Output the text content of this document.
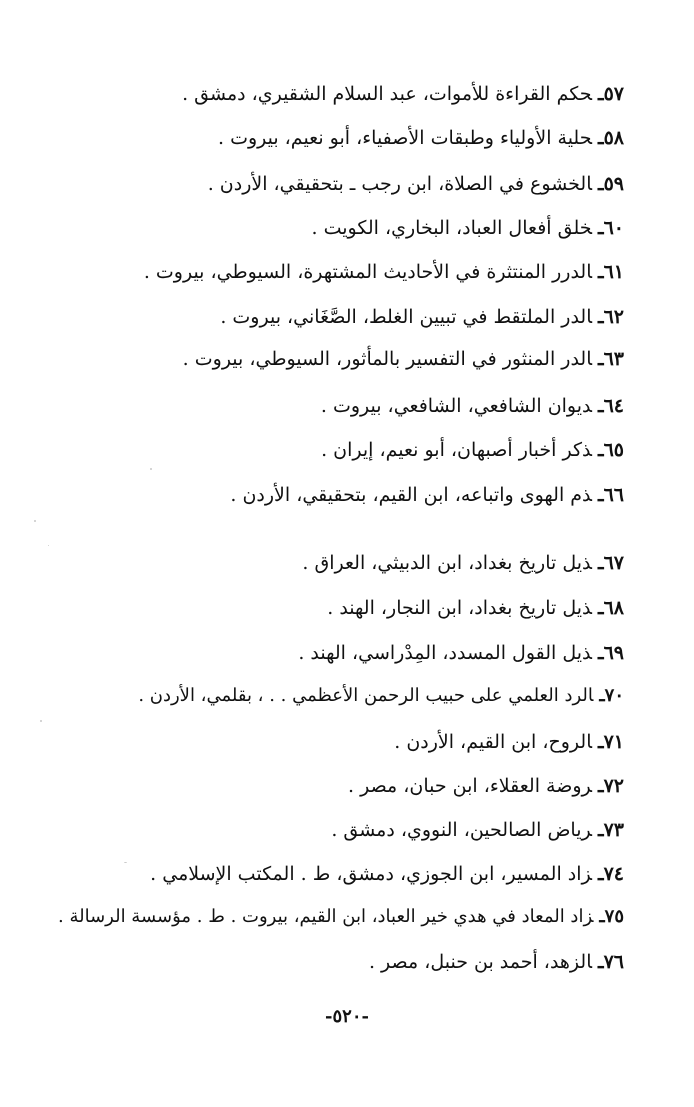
٥٧ـحكم القراءة للأموات، عبد السلام الشقيري، دمشق .
٥٨ـحلية الأولياء وطبقات الأصفياء، أبو نعيم، بيروت .
٥٩ـالخشوع في الصلاة، ابن رجب ـ بتحقيقي، الأردن .
٦٠ـخلق أفعال العباد، البخاري، الكويت .
٦١ـالدرر المنتثرة في الأحاديث المشتهرة، السيوطي، بيروت .
٦٢ـالدر الملتقط في تبيين الغلط، الصَّغَاني، بيروت .
٦٣ـالدر المنثور في التفسير بالمأثور، السيوطي، بيروت .
٦٤ـديوان الشافعي، الشافعي، بيروت .
٦٥ـذكر أخبار أصبهان، أبو نعيم، إيران .
٦٦ـذم الهوى واتباعه، ابن القيم، بتحقيقي، الأردن .
٦٧ـذيل تاريخ بغداد، ابن الدبيثي، العراق .
٦٨ـذيل تاريخ بغداد، ابن النجار، الهند .
٦٩ـذيل القول المسدد، المِدْراسي، الهند .
٧٠ـالرد العلمي على حبيب الرحمن الأعظمي . . ، بقلمي، الأردن .
٧١ـالروح، ابن القيم، الأردن .
٧٢ـروضة العقلاء، ابن حبان، مصر .
٧٣ـرياض الصالحين، النووي، دمشق .
٧٤ـزاد المسير، ابن الجوزي، دمشق، ط . المكتب الإسلامي .
٧٥ـزاد المعاد في هدي خير العباد، ابن القيم، بيروت . ط . مؤسسة الرسالة .
٧٦ـالزهد، أحمد بن حنبل، مصر .
-٥٢٠-
